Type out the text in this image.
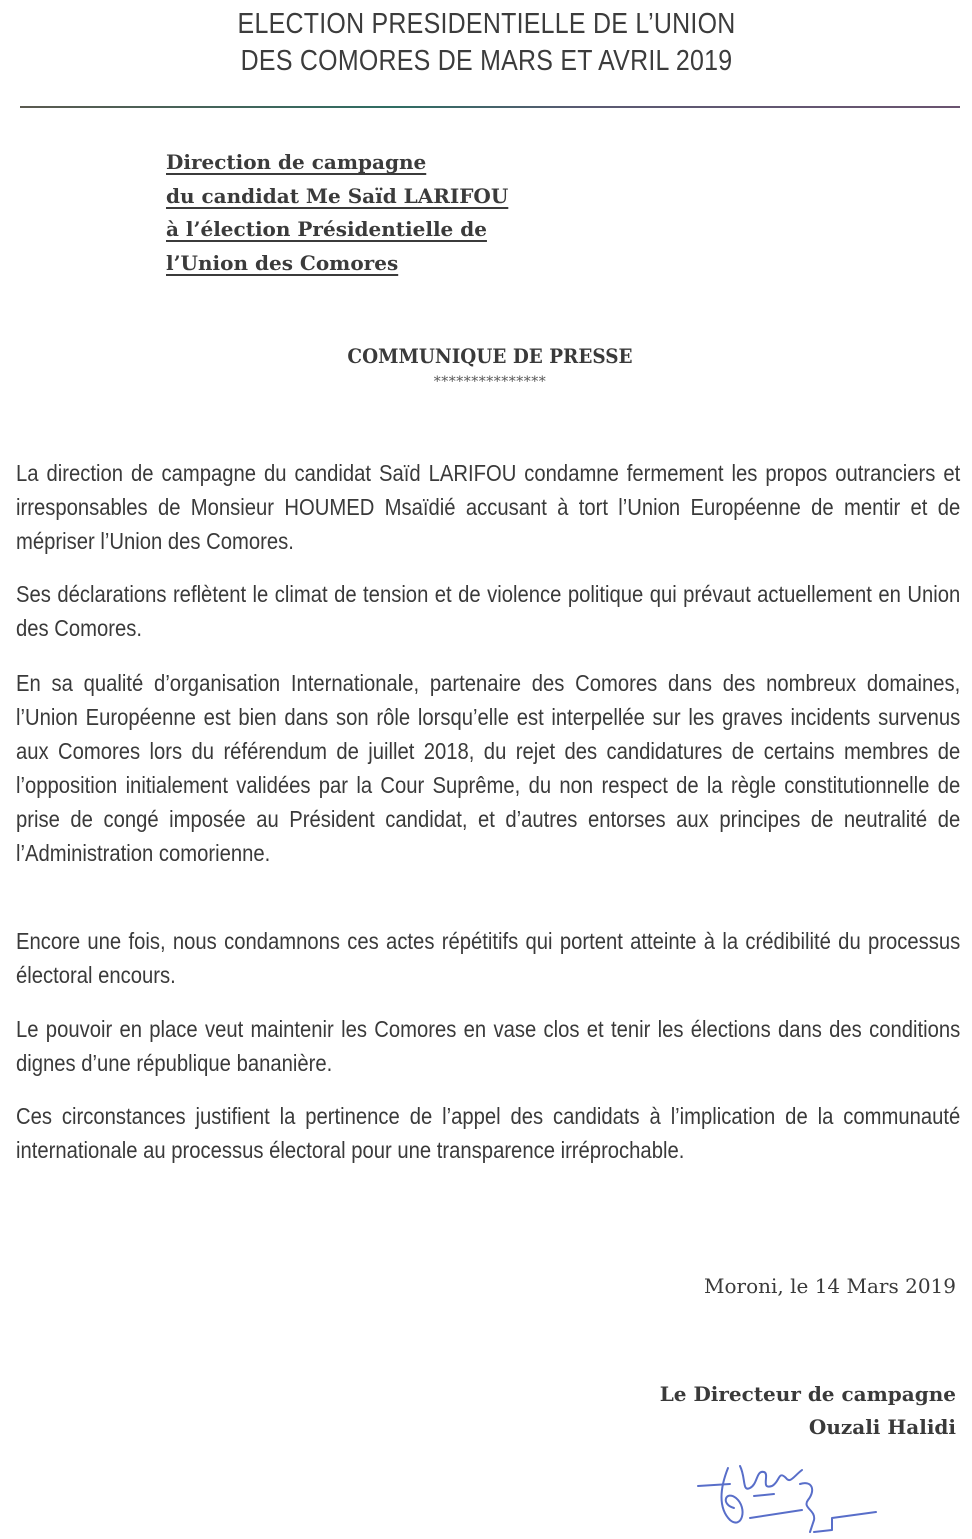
ELECTION PRESIDENTIELLE DE L’UNION
DES COMORES DE MARS ET AVRIL 2019
Direction de campagne
du candidat Me Saïd LARIFOU
à l’élection Présidentielle de
l’Union des Comores
COMMUNIQUE DE PRESSE
***************
La direction de campagne du candidat Saïd LARIFOU condamne fermement les propos outranciers et irresponsables de Monsieur HOUMED Msaïdié accusant à tort l’Union Européenne de mentir et de mépriser l’Union des Comores.
Ses déclarations reflètent le climat de tension et de violence politique qui prévaut actuellement en Union des Comores.
En sa qualité d’organisation Internationale, partenaire des Comores dans des nombreux domaines, l’Union Européenne est bien dans son rôle lorsqu’elle est interpellée sur les graves incidents survenus aux Comores lors du référendum de juillet 2018, du rejet des candidatures de certains membres de l’opposition initialement validées par la Cour Suprême, du non respect de la règle constitutionnelle de prise de congé imposée au Président candidat, et d’autres entorses aux principes de neutralité de l’Administration comorienne.
Encore une fois, nous condamnons ces actes répétitifs qui portent atteinte à la crédibilité du processus électoral encours.
Le pouvoir en place veut maintenir les Comores en vase clos et tenir les élections dans des conditions dignes d’une république bananière.
Ces circonstances justifient la pertinence de l’appel des candidats à l’implication de la communauté internationale au processus électoral pour une transparence irréprochable.
Moroni, le 14 Mars 2019
Le Directeur de campagne
Ouzali Halidi
